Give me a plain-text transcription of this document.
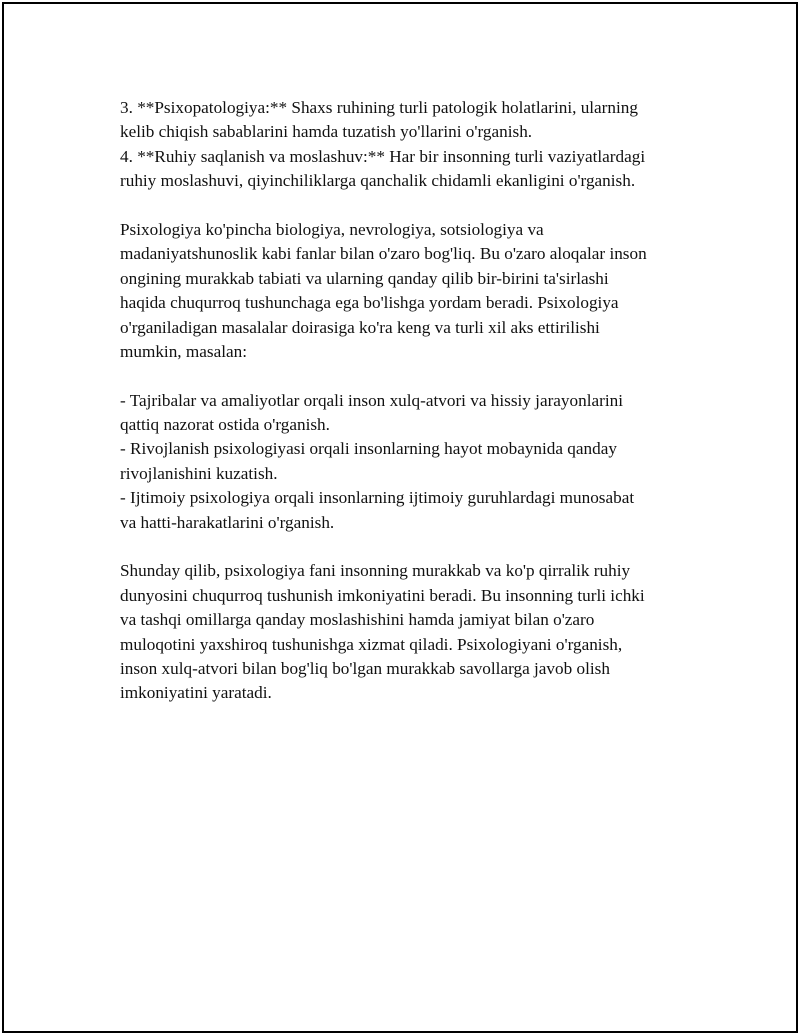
3. **Psixopatologiya:** Shaxs ruhining turli patologik holatlarini, ularning
kelib chiqish sabablarini hamda tuzatish yo'llarini o'rganish.
4. **Ruhiy saqlanish va moslashuv:** Har bir insonning turli vaziyatlardagi
ruhiy moslashuvi, qiyinchiliklarga qanchalik chidamli ekanligini o'rganish.
Psixologiya ko'pincha biologiya, nevrologiya, sotsiologiya va
madaniyatshunoslik kabi fanlar bilan o'zaro bog'liq. Bu o'zaro aloqalar inson
ongining murakkab tabiati va ularning qanday qilib bir-birini ta'sirlashi
haqida chuqurroq tushunchaga ega bo'lishga yordam beradi. Psixologiya
o'rganiladigan masalalar doirasiga ko'ra keng va turli xil aks ettirilishi
mumkin, masalan:
- Tajribalar va amaliyotlar orqali inson xulq-atvori va hissiy jarayonlarini
qattiq nazorat ostida o'rganish.
- Rivojlanish psixologiyasi orqali insonlarning hayot mobaynida qanday
rivojlanishini kuzatish.
- Ijtimoiy psixologiya orqali insonlarning ijtimoiy guruhlardagi munosabat
va hatti-harakatlarini o'rganish.
Shunday qilib, psixologiya fani insonning murakkab va ko'p qirralik ruhiy
dunyosini chuqurroq tushunish imkoniyatini beradi. Bu insonning turli ichki
va tashqi omillarga qanday moslashishini hamda jamiyat bilan o'zaro
muloqotini yaxshiroq tushunishga xizmat qiladi. Psixologiyani o'rganish,
inson xulq-atvori bilan bog'liq bo'lgan murakkab savollarga javob olish
imkoniyatini yaratadi.
